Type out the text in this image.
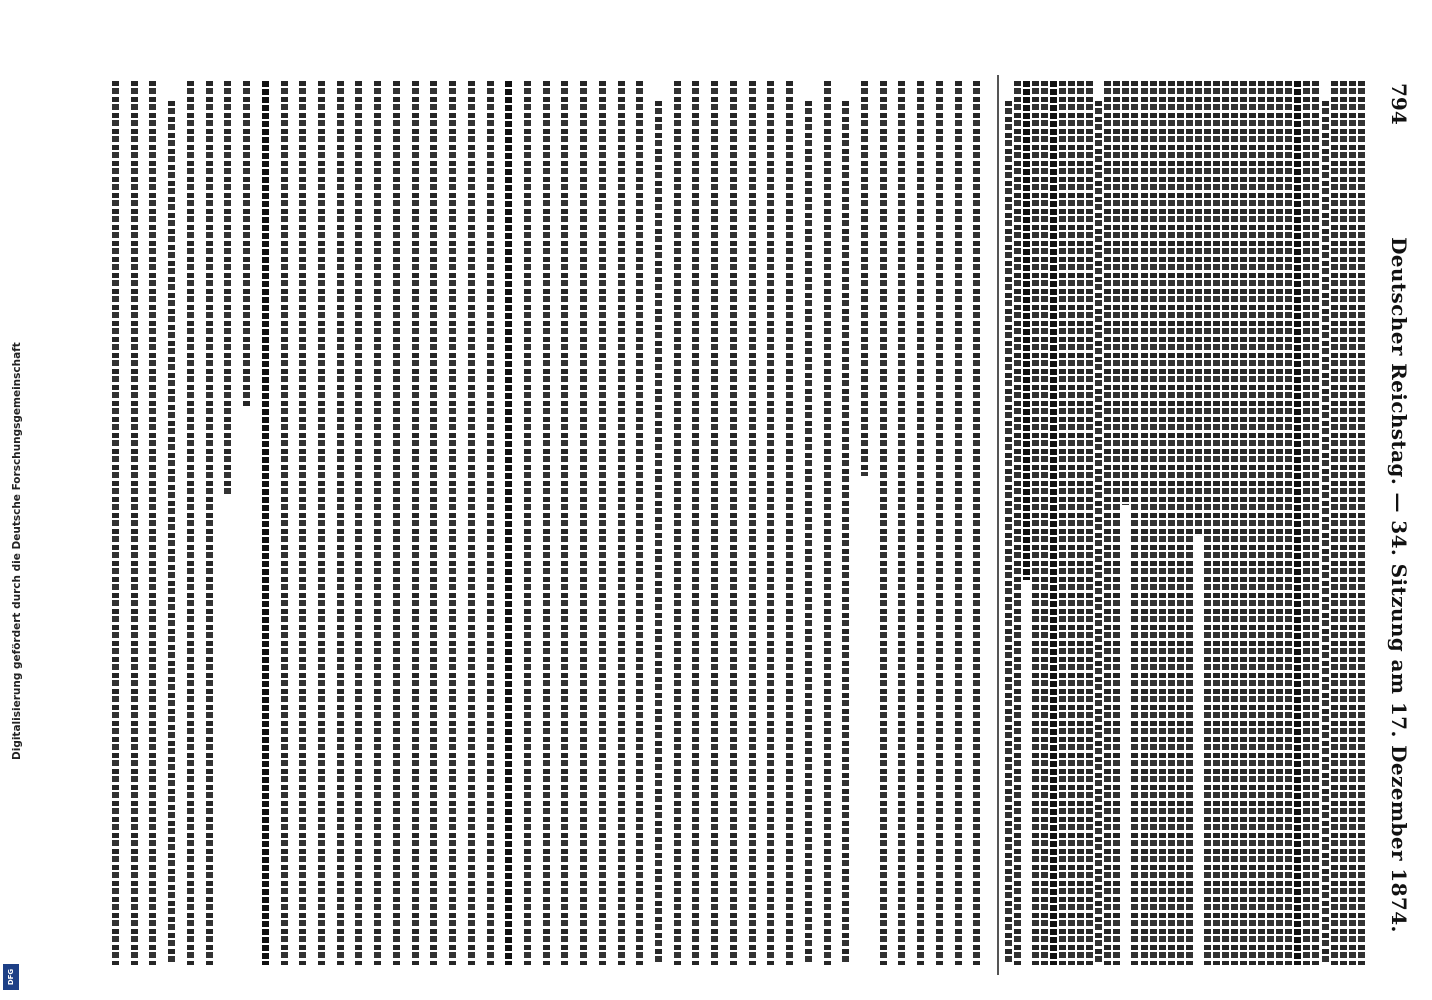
Digitalisierung gefördert durch die Deutsche Forschungsgemeinschaft
DFG
794
Deutscher Reichstag. — 34. Sitzung am 17. Dezember 1874.
